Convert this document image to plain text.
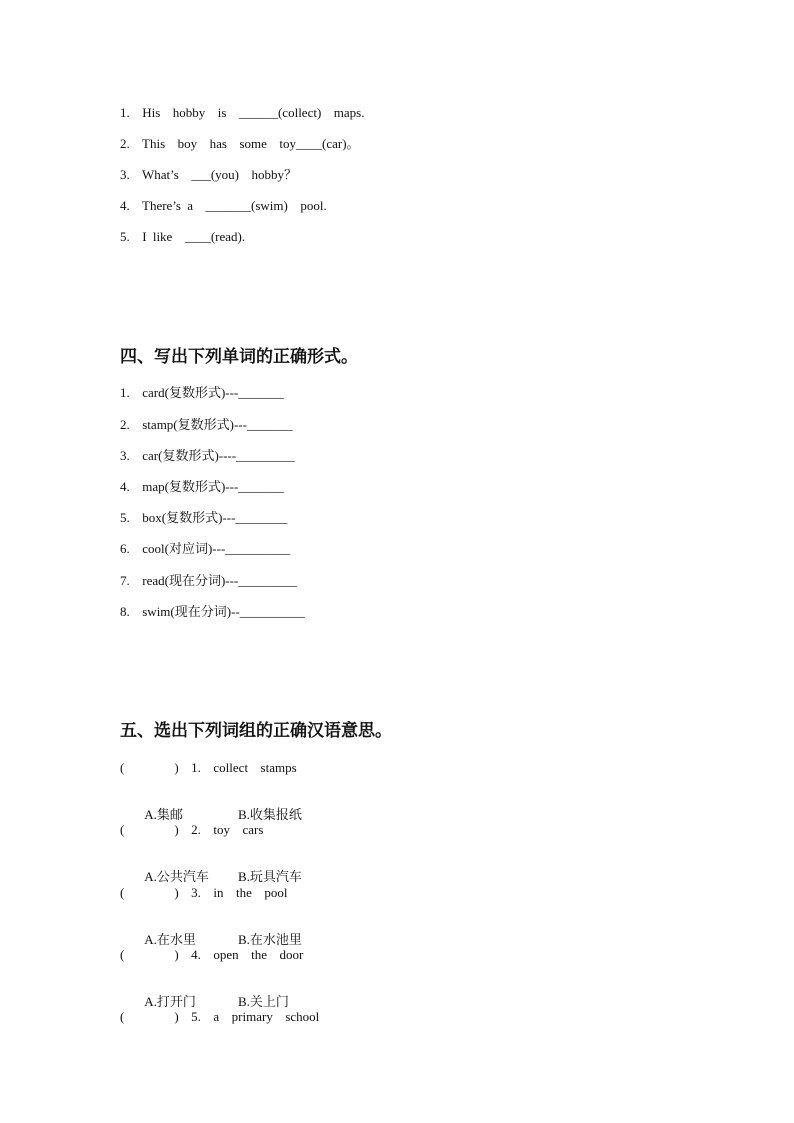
1.  His  hobby  is  ______(collect)  maps.
2.  This  boy  has  some  toy____(car)。
3.  What’s  ___(you)  hobby？
4.  There’s a  _______(swim)  pool.
5.  I like  ____(read).
四、写出下列单词的正确形式。
1.  card(复数形式)---_______
2.  stamp(复数形式)---_______
3.  car(复数形式)----_________
4.  map(复数形式)---_______
5.  box(复数形式)---________
6.  cool(对应词)---__________
7.  read(现在分词)---_________
8.  swim(现在分词)--__________
五、选出下列词组的正确汉语意思。
(        )  1.  collect  stamps

A.集邮	B.收集报纸

(        )  2.  toy  cars

A.公共汽车 B.玩具汽车

(        )  3.  in  the  pool

A.在水里	B.在水池里

(        )  4.  open  the  door

A.打开门	B.关上门

(        )  5.  a  primary  school
